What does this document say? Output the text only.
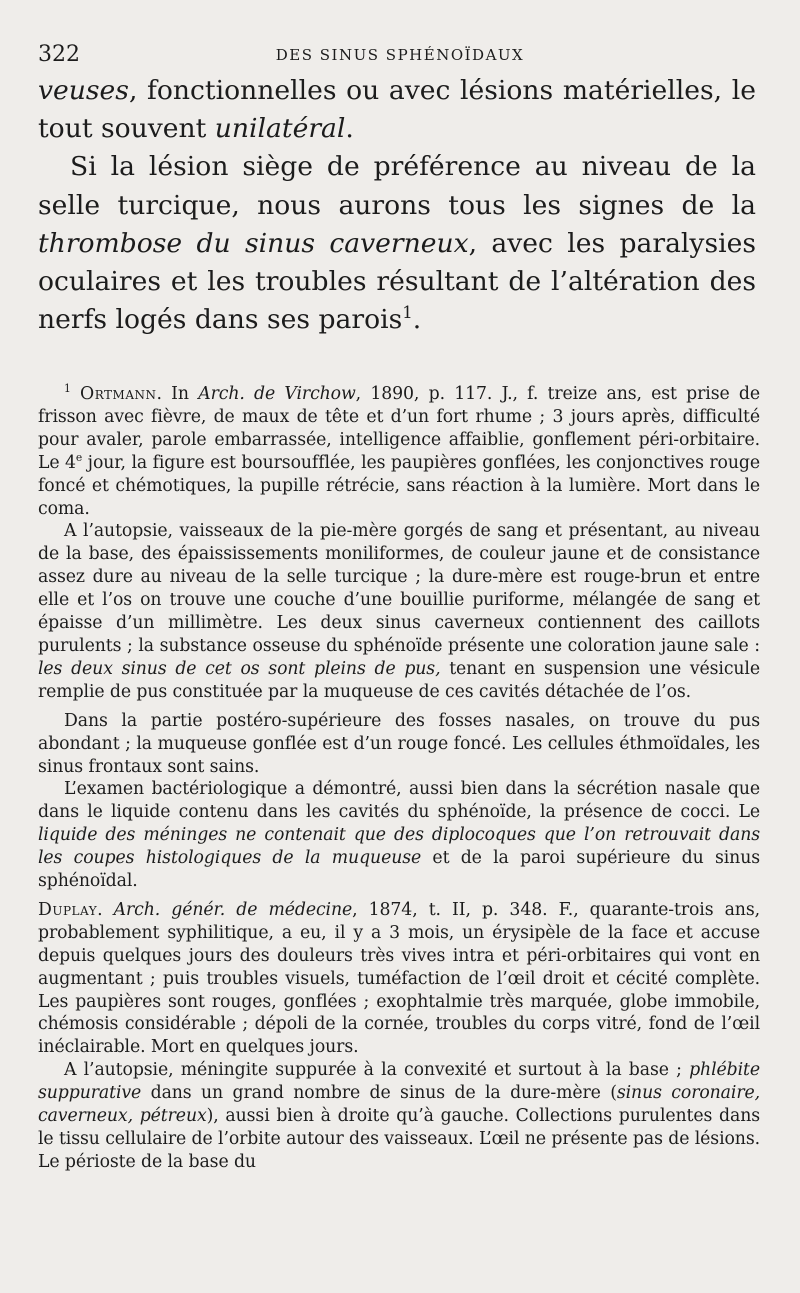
322	DES SINUS SPHÉNOÏDAUX

veuses, fonctionnelles ou avec lésions matérielles, le tout souvent unilatéral.

Si la lésion siège de préférence au niveau de la selle turcique, nous aurons tous les signes de la thrombose du sinus caverneux, avec les paralysies oculaires et les troubles résultant de l’altération des nerfs logés dans ses parois$^1$.

$^1$ Ortmann. In Arch. de Virchow, 1890, p. 117. J., f. treize ans, est prise de frisson avec fièvre, de maux de tête et d’un fort rhume ; 3 jours après, difficulté pour avaler, parole embarrassée, intelligence affaiblie, gonflement péri-orbitaire. Le 4e jour, la figure est boursoufflée, les paupières gonflées, les conjonctives rouge foncé et chémotiques, la pupille rétrécie, sans réaction à la lumière. Mort dans le coma.

A l’autopsie, vaisseaux de la pie-mère gorgés de sang et présentant, au niveau de la base, des épaississements moniliformes, de couleur jaune et de consistance assez dure au niveau de la selle turcique ; la dure-mère est rouge-brun et entre elle et l’os on trouve une couche d’une bouillie puriforme, mélangée de sang et épaisse d’un millimètre. Les deux sinus caverneux contiennent des caillots purulents ; la substance osseuse du sphénoïde présente une coloration jaune sale : les deux sinus de cet os sont pleins de pus, tenant en suspension une vésicule remplie de pus constituée par la muqueuse de ces cavités détachée de l’os.

Dans la partie postéro-supérieure des fosses nasales, on trouve du pus abondant ; la muqueuse gonflée est d’un rouge foncé. Les cellules éthmoïdales, les sinus frontaux sont sains.

L’examen bactériologique a démontré, aussi bien dans la sécrétion nasale que dans le liquide contenu dans les cavités du sphénoïde, la présence de cocci. Le liquide des méninges ne contenait que des diplocoques que l’on retrouvait dans les coupes histologiques de la muqueuse et de la paroi supérieure du sinus sphénoïdal.

Duplay. Arch. génér. de médecine, 1874, t. II, p. 348. F., quarante-trois ans, probablement syphilitique, a eu, il y a 3 mois, un érysipèle de la face et accuse depuis quelques jours des douleurs très vives intra et péri-orbitaires qui vont en augmentant ; puis troubles visuels, tuméfaction de l’œil droit et cécité complète. Les paupières sont rouges, gonflées ; exophtalmie très marquée, globe immobile, chémosis considérable ; dépoli de la cornée, troubles du corps vitré, fond de l’œil inéclairable. Mort en quelques jours.

A l’autopsie, méningite suppurée à la convexité et surtout à la base ; phlébite suppurative dans un grand nombre de sinus de la dure-mère (sinus coronaire, caverneux, pétreux), aussi bien à droite qu’à gauche. Collections purulentes dans le tissu cellulaire de l’orbite autour des vaisseaux. L’œil ne présente pas de lésions. Le périoste de la base du
